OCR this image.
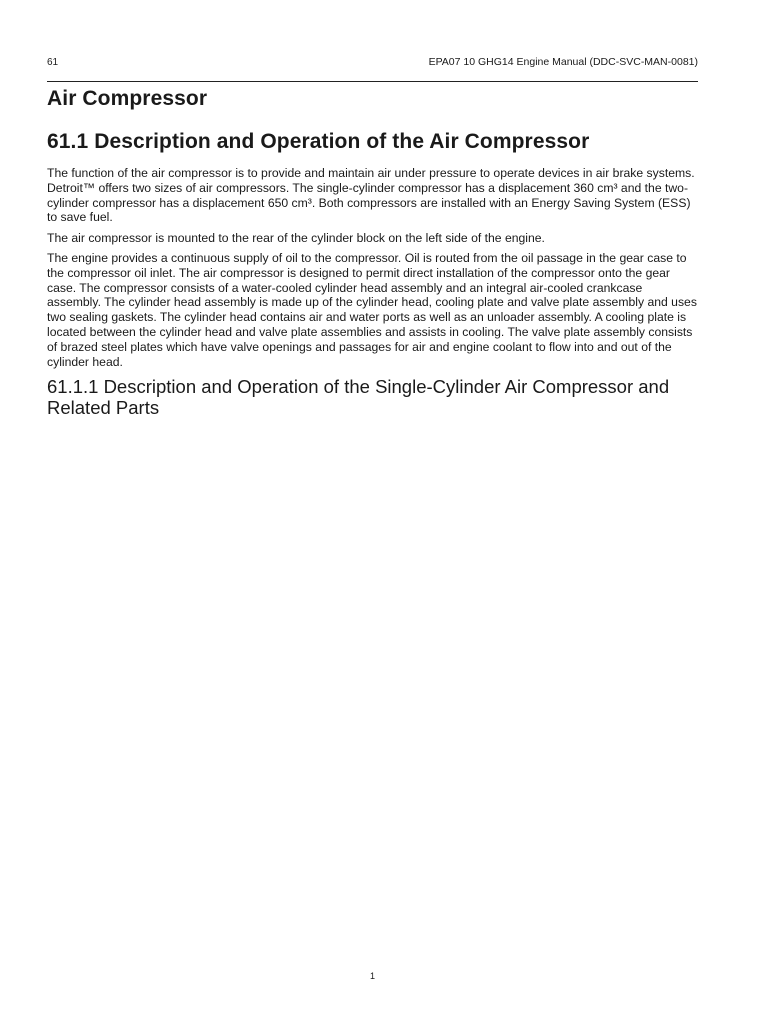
61	EPA07 10 GHG14 Engine Manual (DDC-SVC-MAN-0081)
Air Compressor
61.1 Description and Operation of the Air Compressor

The function of the air compressor is to provide and maintain air under pressure to operate devices in air brake systems. Detroit™ offers two sizes of air compressors. The single-cylinder compressor has a displacement 360 cm³ and the two-cylinder compressor has a displacement 650 cm³. Both compressors are installed with an Energy Saving System (ESS) to save fuel.

The air compressor is mounted to the rear of the cylinder block on the left side of the engine.

The engine provides a continuous supply of oil to the compressor. Oil is routed from the oil passage in the gear case to the compressor oil inlet. The air compressor is designed to permit direct installation of the compressor onto the gear case. The compressor consists of a water-cooled cylinder head assembly and an integral air-cooled crankcase assembly. The cylinder head assembly is made up of the cylinder head, cooling plate and valve plate assembly and uses two sealing gaskets. The cylinder head contains air and water ports as well as an unloader assembly. A cooling plate is located between the cylinder head and valve plate assemblies and assists in cooling. The valve plate assembly consists of brazed steel plates which have valve openings and passages for air and engine coolant to flow into and out of the cylinder head.

61.1.1 Description and Operation of the Single-Cylinder Air Compressor and Related Parts
1
